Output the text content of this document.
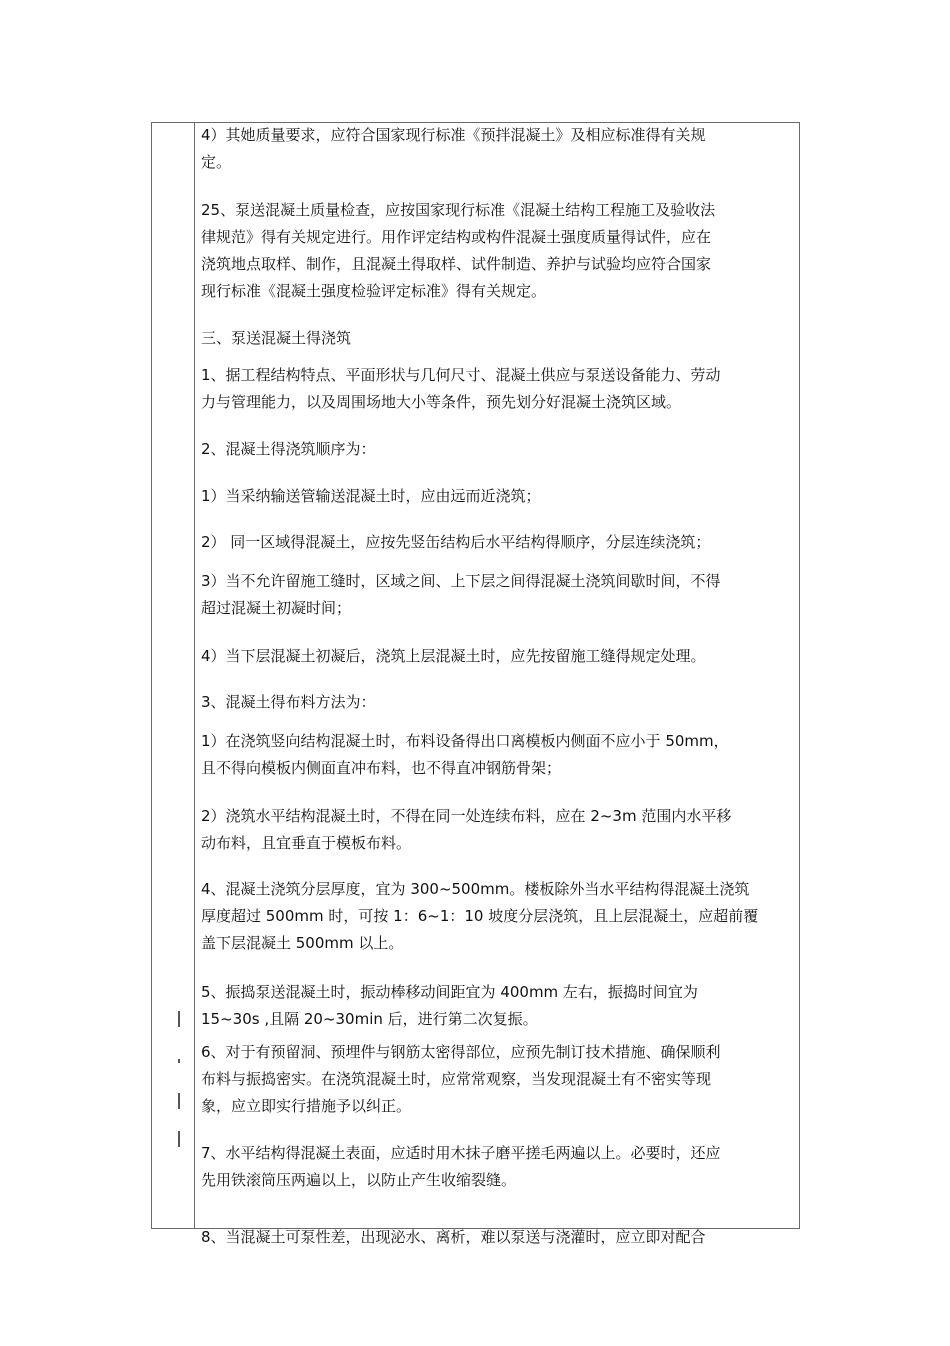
4）其她质量要求，应符合国家现行标准《预拌混凝土》及相应标准得有关规
定。
25、泵送混凝土质量检查，应按国家现行标准《混凝土结构工程施工及验收法
律规范》得有关规定进行。用作评定结构或构件混凝土强度质量得试件，应在
浇筑地点取样、制作，且混凝土得取样、试件制造、养护与试验均应符合国家
现行标准《混凝土强度检验评定标准》得有关规定。
三、泵送混凝土得浇筑
1、据工程结构特点、平面形状与几何尺寸、混凝土供应与泵送设备能力、劳动
力与管理能力，以及周围场地大小等条件，预先划分好混凝土浇筑区域。
2、混凝土得浇筑顺序为：
1）当采纳输送管输送混凝土时，应由远而近浇筑；
2） 同一区域得混凝土，应按先竖缶结构后水平结构得顺序，分层连续浇筑；
3）当不允许留施工缝时，区域之间、上下层之间得混凝土浇筑间歇时间，不得
超过混凝土初凝时间；
4）当下层混凝土初凝后，浇筑上层混凝土时，应先按留施工缝得规定处理。
3、混凝土得布料方法为：
1）在浇筑竖向结构混凝土时，布料设备得出口离模板内侧面不应小于 50mm，
且不得向模板内侧面直冲布料，也不得直冲钢筋骨架；
2）浇筑水平结构混凝土时，不得在同一处连续布料，应在 2~3m 范围内水平移
动布料，且宜垂直于模板布料。
4、混凝土浇筑分层厚度，宜为 300~500mm。楼板除外当水平结构得混凝土浇筑
厚度超过 500mm 时，可按 1：6~1：10 坡度分层浇筑，且上层混凝土，应超前覆
盖下层混凝土 500mm 以上。
5、振捣泵送混凝土时，振动棒移动间距宜为 400mm 左右，振捣时间宜为
15~30s ,且隔 20~30min 后，进行第二次复振。
6、对于有预留洞、预埋件与钢筋太密得部位，应预先制订技术措施、确保顺利
布料与振捣密实。在浇筑混凝土时，应常常观察，当发现混凝土有不密实等现
象，应立即实行措施予以纠正。
7、水平结构得混凝土表面，应适时用木抹子磨平搓毛两遍以上。必要时，还应
先用铁滚筒压两遍以上，以防止产生收缩裂缝。
8、当混凝土可泵性差，出现泌水、离析，难以泵送与浇灌时，应立即对配合
